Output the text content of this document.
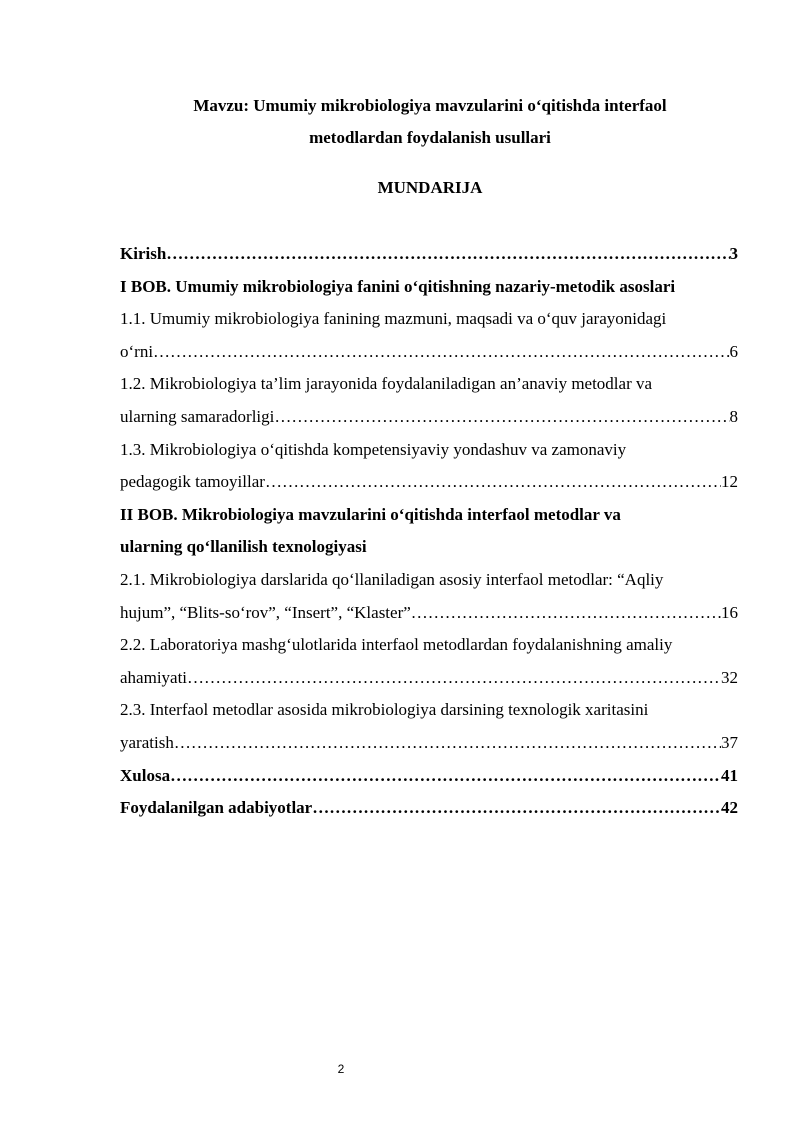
Mavzu: Umumiy mikrobiologiya mavzularini o‘qitishda interfaol
metodlardan foydalanish usullari
MUNDARIJA
Kirish …………………………………………………………………………………………………………………………………………………………	3
I BOB. Umumiy mikrobiologiya fanini o‘qitishning nazariy-metodik asoslari
1.1. Umumiy mikrobiologiya fanining mazmuni, maqsadi va o‘quv jarayonidagi
o‘rni …………………………………………………………………………………………………………………………………………………………	6
1.2. Mikrobiologiya ta’lim jarayonida foydalaniladigan an’anaviy metodlar va
ularning samaradorligi …………………………………………………………………………………………………………………………………………………………	8
1.3. Mikrobiologiya o‘qitishda kompetensiyaviy yondashuv va zamonaviy
pedagogik tamoyillar …………………………………………………………………………………………………………………………………………………………	12
II BOB. Mikrobiologiya mavzularini o‘qitishda interfaol metodlar va
ularning qo‘llanilish texnologiyasi
2.1. Mikrobiologiya darslarida qo‘llaniladigan asosiy interfaol metodlar: “Aqliy
hujum”, “Blits-so‘rov”, “Insert”, “Klaster” …………………………………………………………………………………………………………………………………………………………	16
2.2. Laboratoriya mashg‘ulotlarida interfaol metodlardan foydalanishning amaliy
ahamiyati …………………………………………………………………………………………………………………………………………………………	32
2.3. Interfaol metodlar asosida mikrobiologiya darsining texnologik xaritasini
yaratish …………………………………………………………………………………………………………………………………………………………	37
Xulosa …………………………………………………………………………………………………………………………………………………………	41
Foydalanilgan adabiyotlar …………………………………………………………………………………………………………………………………………………………	42
2
